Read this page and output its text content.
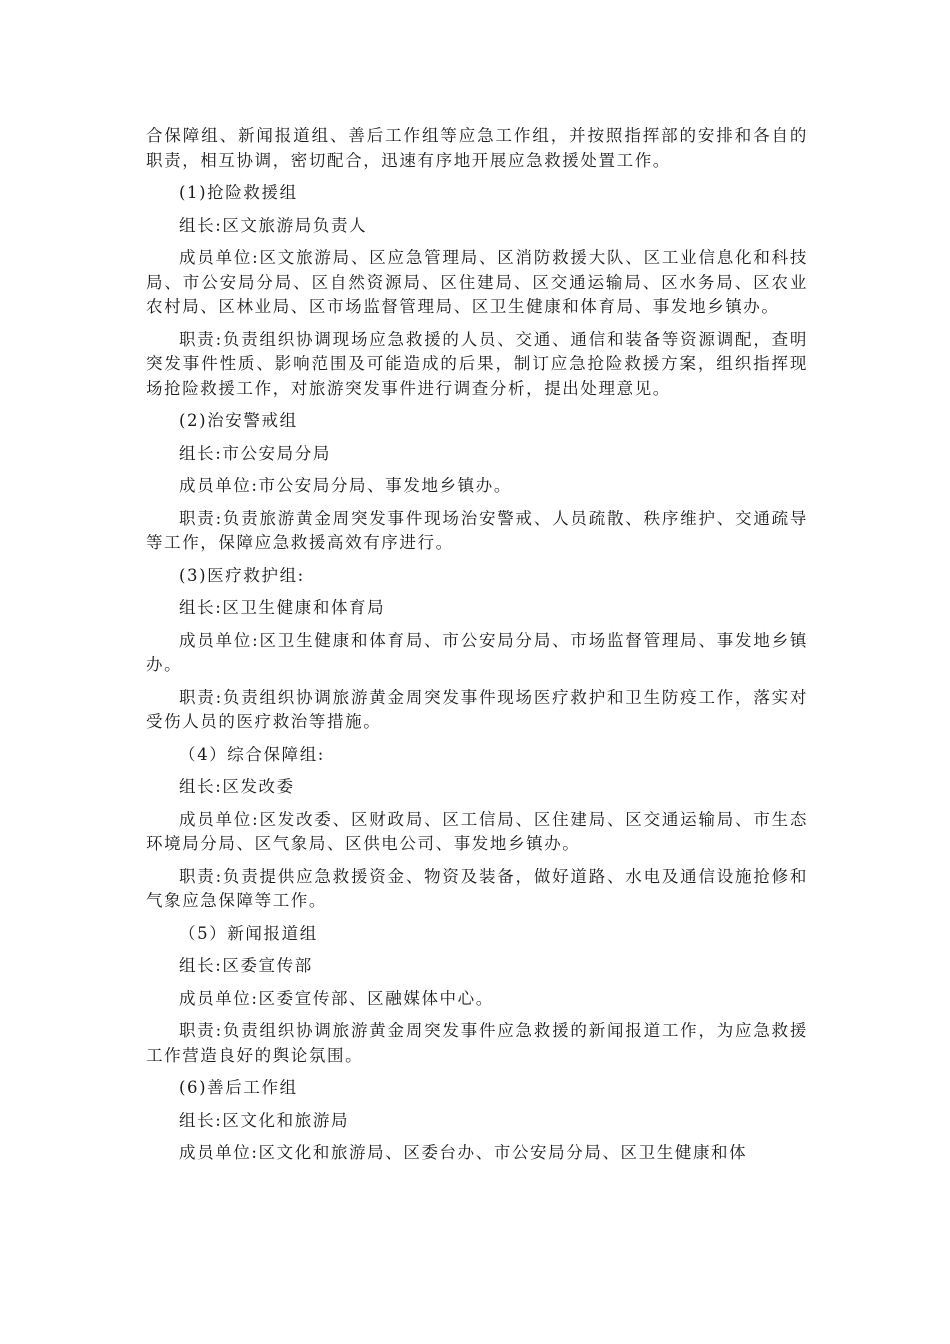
合保障组、新闻报道组、善后工作组等应急工作组，并按照指挥部的安排和各自的职责，相互协调，密切配合，迅速有序地开展应急救援处置工作。

(1)抢险救援组

组长:区文旅游局负责人

成员单位:区文旅游局、区应急管理局、区消防救援大队、区工业信息化和科技局、市公安局分局、区自然资源局、区住建局、区交通运输局、区水务局、区农业农村局、区林业局、区市场监督管理局、区卫生健康和体育局、事发地乡镇办。

职责:负责组织协调现场应急救援的人员、交通、通信和装备等资源调配，查明突发事件性质、影响范围及可能造成的后果，制订应急抢险救援方案，组织指挥现场抢险救援工作，对旅游突发事件进行调查分析，提出处理意见。

(2)治安警戒组

组长:市公安局分局

成员单位:市公安局分局、事发地乡镇办。

职责:负责旅游黄金周突发事件现场治安警戒、人员疏散、秩序维护、交通疏导等工作，保障应急救援高效有序进行。

(3)医疗救护组:

组长:区卫生健康和体育局

成员单位:区卫生健康和体育局、市公安局分局、市场监督管理局、事发地乡镇办。

职责:负责组织协调旅游黄金周突发事件现场医疗救护和卫生防疫工作，落实对受伤人员的医疗救治等措施。

（4）综合保障组:

组长:区发改委

成员单位:区发改委、区财政局、区工信局、区住建局、区交通运输局、市生态环境局分局、区气象局、区供电公司、事发地乡镇办。

职责:负责提供应急救援资金、物资及装备，做好道路、水电及通信设施抢修和气象应急保障等工作。

（5）新闻报道组

组长:区委宣传部

成员单位:区委宣传部、区融媒体中心。

职责:负责组织协调旅游黄金周突发事件应急救援的新闻报道工作，为应急救援工作营造良好的舆论氛围。

(6)善后工作组

组长:区文化和旅游局

成员单位:区文化和旅游局、区委台办、市公安局分局、区卫生健康和体
